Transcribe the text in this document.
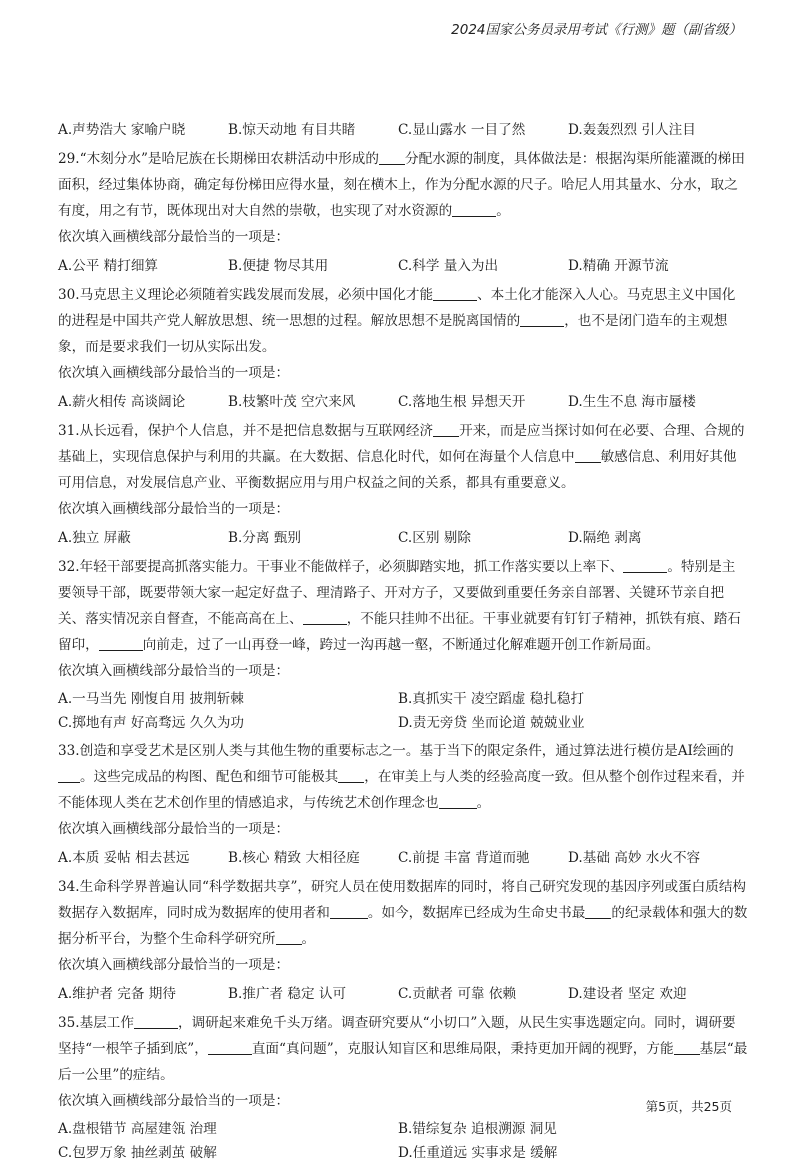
2024国家公务员录用考试《行测》题（副省级）
A.声势浩大 家喻户晓	B.惊天动地 有目共睹	C.显山露水 一目了然	D.轰轰烈烈 引人注目

29.“木刻分水”是哈尼族在长期梯田农耕活动中形成的 分配水源的制度，具体做法是：根据沟渠所能灌溉的梯田面积，经过集体协商，确定每份梯田应得水量，刻在横木上，作为分配水源的尺子。哈尼人用其量水、分水，取之有度，用之有节，既体现出对大自然的崇敬，也实现了对水资源的	。

依次填入画横线部分最恰当的一项是：

A.公平 精打细算	B.便捷 物尽其用	C.科学 量入为出	D.精确 开源节流

30.马克思主义理论必须随着实践发展而发展，必须中国化才能	、本土化才能深入人心。马克思主义中国化的进程是中国共产党人解放思想、统一思想的过程。解放思想不是脱离国情的	，也不是闭门造车的主观想象，而是要求我们一切从实际出发。

依次填入画横线部分最恰当的一项是：

A.薪火相传 高谈阔论	B.枝繁叶茂 空穴来风	C.落地生根 异想天开	D.生生不息 海市蜃楼

31.从长远看，保护个人信息，并不是把信息数据与互联网经济 开来，而是应当探讨如何在必要、合理、合规的基础上，实现信息保护与利用的共赢。在大数据、信息化时代，如何在海量个人信息中 敏感信息、利用好其他可用信息，对发展信息产业、平衡数据应用与用户权益之间的关系，都具有重要意义。

依次填入画横线部分最恰当的一项是：

A.独立 屏蔽	B.分离 甄别	C.区别 剔除	D.隔绝 剥离

32.年轻干部要提高抓落实能力。干事业不能做样子，必须脚踏实地，抓工作落实要以上率下、	。特别是主要领导干部，既要带领大家一起定好盘子、理清路子、开对方子，又要做到重要任务亲自部署、关键环节亲自把关、落实情况亲自督查，不能高高在上、	，不能只挂帅不出征。干事业就要有钉钉子精神，抓铁有痕、踏石留印，	向前走，过了一山再登一峰，跨过一沟再越一壑，不断通过化解难题开创工作新局面。

依次填入画横线部分最恰当的一项是：

A.一马当先 刚愎自用 披荆斩棘	B.真抓实干 凌空蹈虚 稳扎稳打
C.掷地有声 好高骛远 久久为功	D.责无旁贷 坐而论道 兢兢业业

33.创造和享受艺术是区别人类与其他生物的重要标志之一。基于当下的限定条件，通过算法进行模仿是AI绘画的。这些完成品的构图、配色和细节可能极其 ，在审美上与人类的经验高度一致。但从整个创作过程来看，并不能体现人类在艺术创作里的情感追求，与传统艺术创作理念也	。

依次填入画横线部分最恰当的一项是：

A.本质 妥帖 相去甚远	B.核心 精致 大相径庭	C.前提 丰富 背道而驰	D.基础 高妙 水火不容

34.生命科学界普遍认同“科学数据共享”，研究人员在使用数据库的同时，将自己研究发现的基因序列或蛋白质结构数据存入数据库，同时成为数据库的使用者和	。如今，数据库已经成为生命史书最 的纪录载体和强大的数据分析平台，为整个生命科学研究所 。

依次填入画横线部分最恰当的一项是：

A.维护者 完备 期待	B.推广者 稳定 认可	C.贡献者 可靠 依赖	D.建设者 坚定 欢迎

35.基层工作	，调研起来难免千头万绪。调查研究要从“小切口”入题，从民生实事选题定向。同时，调研要坚持“一根竿子插到底”，	直面“真问题”，克服认知盲区和思维局限，秉持更加开阔的视野，方能 基层“最后一公里”的症结。

依次填入画横线部分最恰当的一项是：

A.盘根错节 高屋建瓴 治理	B.错综复杂 追根溯源 洞见
C.包罗万象 抽丝剥茧 破解	D.任重道远 实事求是 缓解
第5页，共25页
